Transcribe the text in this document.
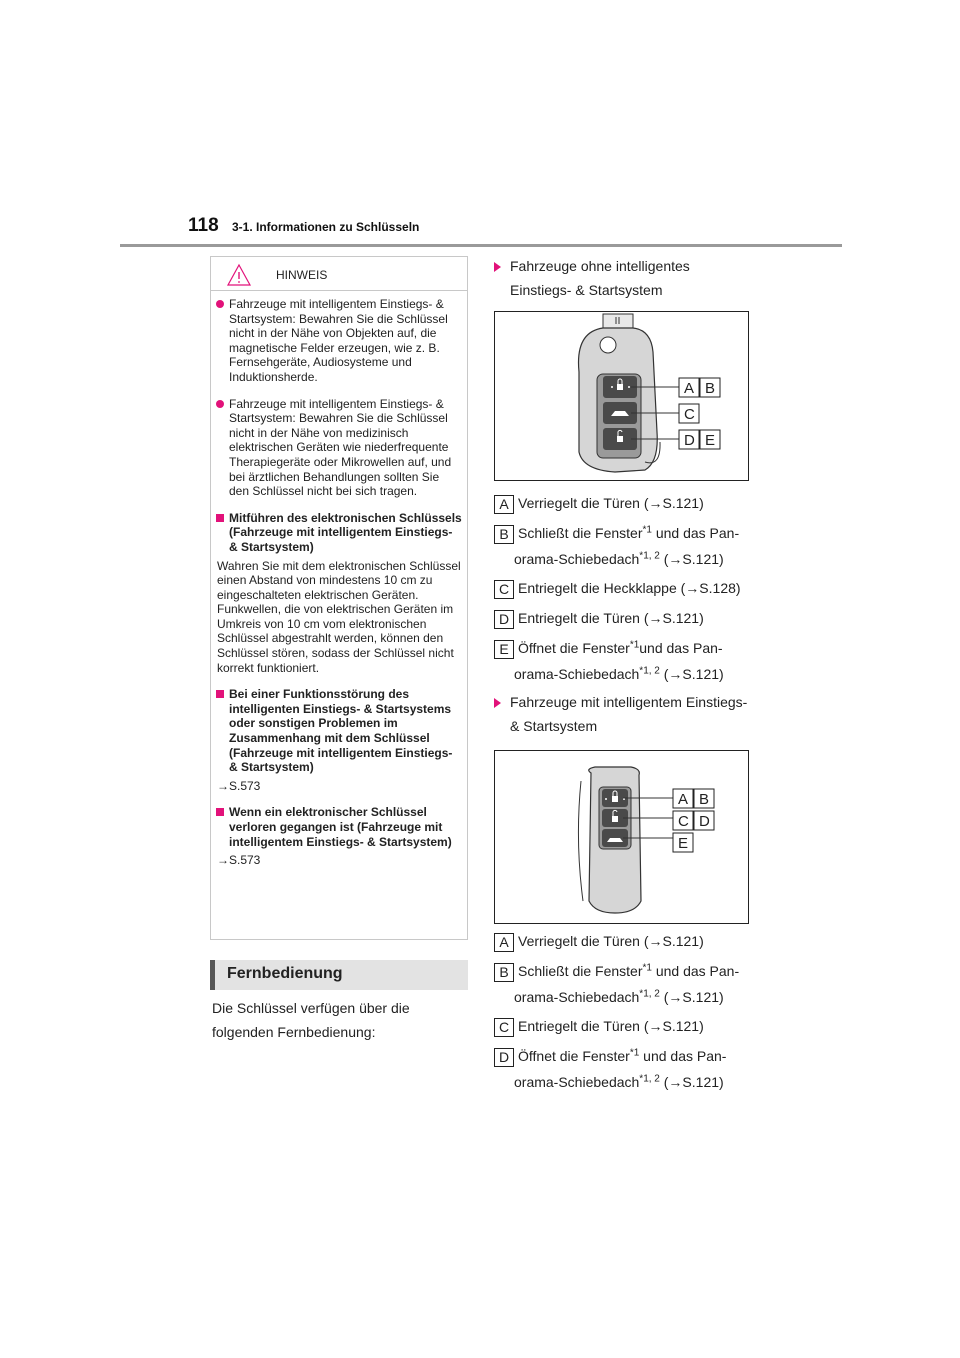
118 3-1. Informationen zu Schlüsseln
HINWEIS
Fahrzeuge mit intelligentem Einstiegs- & Startsystem: Bewahren Sie die Schlüssel nicht in der Nähe von Objekten auf, die magnetische Felder erzeugen, wie z. B. Fernsehgeräte, Audiosysteme und Induktionsherde.
Fahrzeuge mit intelligentem Einstiegs- & Startsystem: Bewahren Sie die Schlüssel nicht in der Nähe von medizinisch elektrischen Geräten wie niederfrequente Therapiegeräte oder Mikrowellen auf, und bei ärztlichen Behandlungen sollten Sie den Schlüssel nicht bei sich tragen.
Mitführen des elektronischen Schlüssels (Fahrzeuge mit intelligentem Einstiegs- & Startsystem)
Wahren Sie mit dem elektronischen Schlüssel einen Abstand von mindestens 10 cm zu eingeschalteten elektrischen Geräten. Funkwellen, die von elektrischen Geräten im Umkreis von 10 cm vom elektronischen Schlüssel abgestrahlt werden, können den Schlüssel stören, sodass der Schlüssel nicht korrekt funktioniert.
Bei einer Funktionsstörung des intelligenten Einstiegs- & Startsystems oder sonstigen Problemen im Zusammenhang mit dem Schlüssel (Fahrzeuge mit intelligentem Einstiegs- & Startsystem)
→S.573
Wenn ein elektronischer Schlüssel verloren gegangen ist (Fahrzeuge mit intelligentem Einstiegs- & Startsystem)
→S.573
Fernbedienung
Die Schlüssel verfügen über die folgenden Fernbedienung:
Fahrzeuge ohne intelligentes Einstiegs- & Startsystem
A B
C
D E
A Verriegelt die Türen (→S.121)
B Schließt die Fenster$^{*1}$ und das Pan-
orama-Schiebedach$^{*1, 2}$ (→S.121)
C Entriegelt die Heckklappe (→S.128)
D Entriegelt die Türen (→S.121)
E Öffnet die Fenster$^{*1}$und das Pan-
orama-Schiebedach$^{*1, 2}$ (→S.121)
Fahrzeuge mit intelligentem Einstiegs- & Startsystem
A B
C D
E
A Verriegelt die Türen (→S.121)
B Schließt die Fenster$^{*1}$ und das Pan-
orama-Schiebedach$^{*1, 2}$ (→S.121)
C Entriegelt die Türen (→S.121)
D Öffnet die Fenster$^{*1}$ und das Pan-
orama-Schiebedach$^{*1, 2}$ (→S.121)
